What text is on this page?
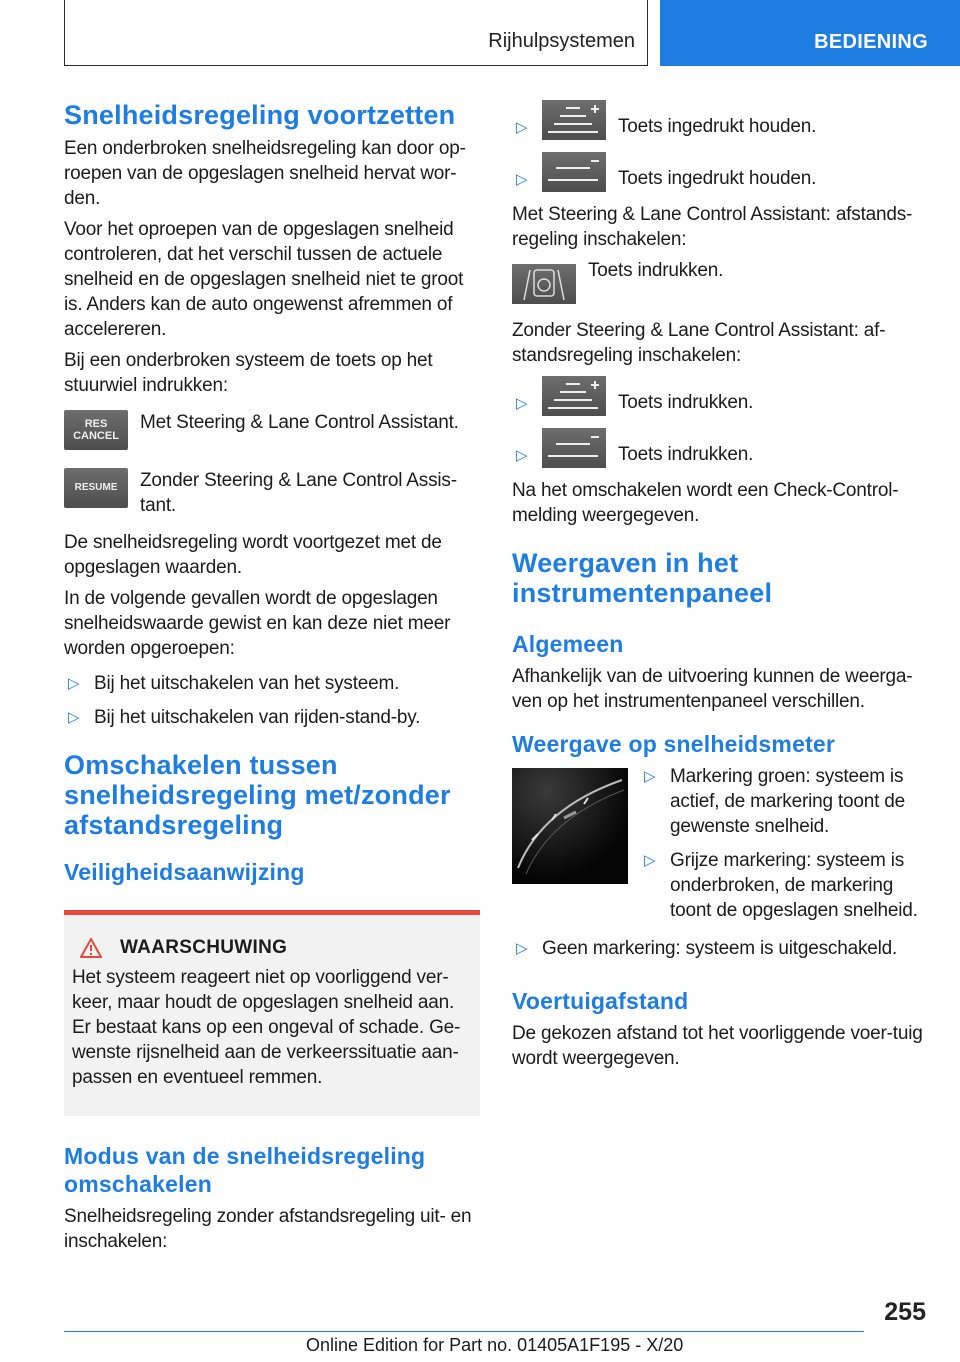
Rijhulpsystemen	BEDIENING
Snelheidsregeling voortzetten

Een onderbroken snelheidsregeling kan door op-roepen van de opgeslagen snelheid hervat wor-den.

Voor het oproepen van de opgeslagen snelheid controleren, dat het verschil tussen de actuele snelheid en de opgeslagen snelheid niet te groot is. Anders kan de auto ongewenst afremmen of accelereren.

Bij een onderbroken systeem de toets op het stuurwiel indrukken:

RES
CANCEL
Met Steering & Lane Control Assistant.
RESUME Zonder Steering & Lane Control Assis-tant.

De snelheidsregeling wordt voortgezet met de opgeslagen waarden.

In de volgende gevallen wordt de opgeslagen snelheidswaarde gewist en kan deze niet meer worden opgeroepen:

▷ Bij het uitschakelen van het systeem.
▷ Bij het uitschakelen van rijden-stand-by.
Omschakelen tussen snelheidsregeling met/zonder afstandsregeling
Veiligheidsaanwijzing
WAARSCHUWING

Het systeem reageert niet op voorliggend ver-keer, maar houdt de opgeslagen snelheid aan. Er bestaat kans op een ongeval of schade. Ge-wenste rijsnelheid aan de verkeerssituatie aan-passen en eventueel remmen.

Modus van de snelheidsregeling omschakelen

Snelheidsregeling zonder afstandsregeling uit- en inschakelen:

▷	Toets ingedrukt houden.
▷	Toets ingedrukt houden.

Met Steering & Lane Control Assistant: afstands-regeling inschakelen:

Toets indrukken.

Zonder Steering & Lane Control Assistant: af-standsregeling inschakelen:

▷	Toets indrukken.
▷	Toets indrukken.

Na het omschakelen wordt een Check-Control-melding weergegeven.

Weergaven in het instrumentenpaneel
Algemeen

Afhankelijk van de uitvoering kunnen de weerga-ven op het instrumentenpaneel verschillen.

Weergave op snelheidsmeter
▷ Markering groen: systeem is actief, de markering toont de gewenste snelheid.
▷ Grijze markering: systeem is onderbroken, de markering toont de opgeslagen snelheid.
▷ Geen markering: systeem is uitgeschakeld.
Voertuigafstand

De gekozen afstand tot het voorliggende voer-tuig wordt weergegeven.

255
Online Edition for Part no. 01405A1F195 - X/20
